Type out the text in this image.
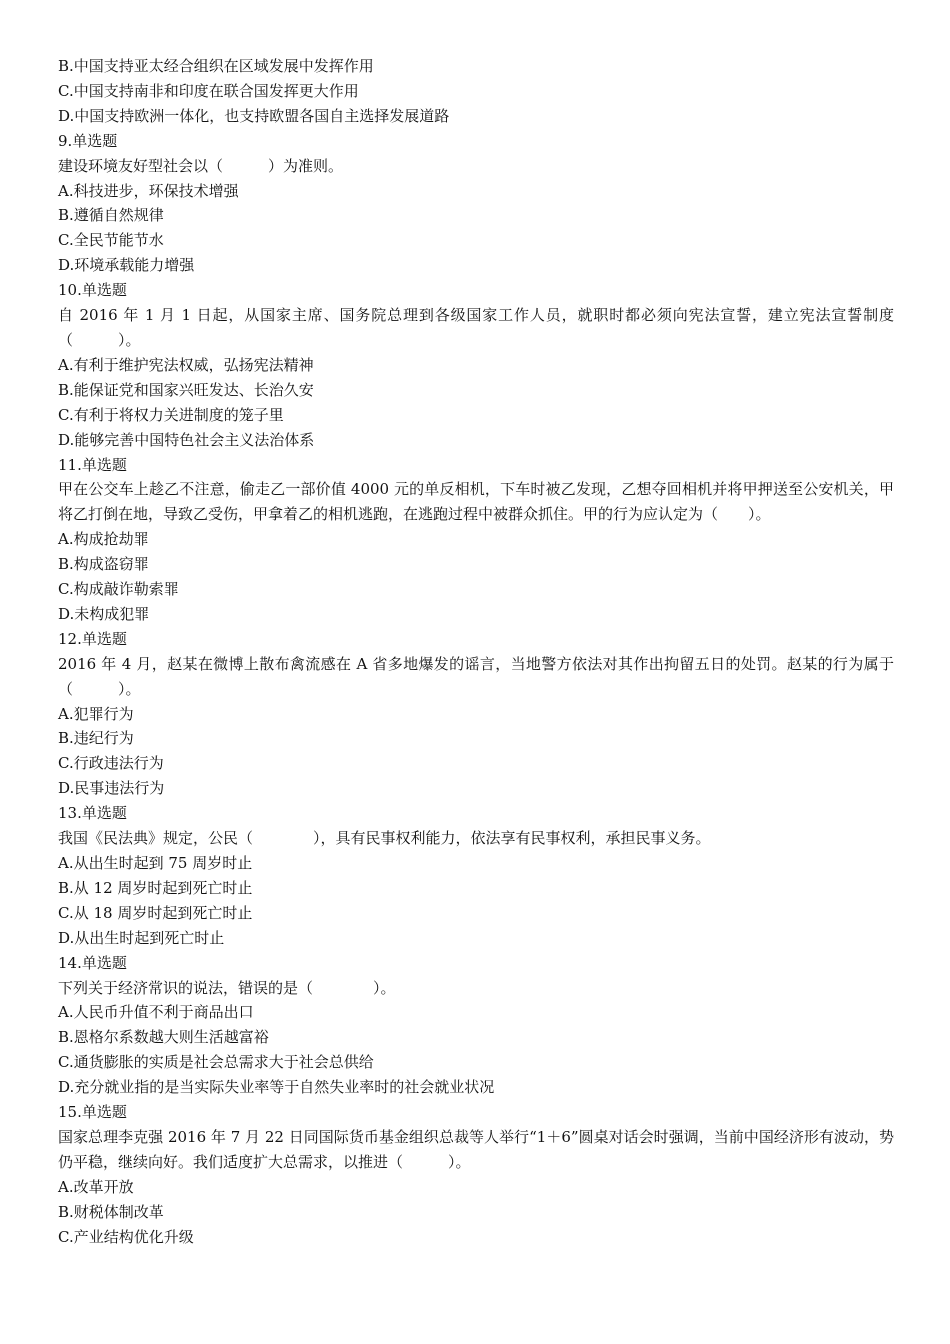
B.中国支持亚太经合组织在区域发展中发挥作用

C.中国支持南非和印度在联合国发挥更大作用

D.中国支持欧洲一体化，也支持欧盟各国自主选择发展道路

9.单选题

建设环境友好型社会以（　　　）为准则。

A.科技进步，环保技术增强

B.遵循自然规律

C.全民节能节水

D.环境承载能力增强

10.单选题

自 2016 年 1 月 1 日起，从国家主席、国务院总理到各级国家工作人员，就职时都必须向宪法宣誓，建立宪法宣誓制度（　　　）。

A.有利于维护宪法权威，弘扬宪法精神

B.能保证党和国家兴旺发达、长治久安

C.有利于将权力关进制度的笼子里

D.能够完善中国特色社会主义法治体系

11.单选题

甲在公交车上趁乙不注意，偷走乙一部价值 4000 元的单反相机，下车时被乙发现，乙想夺回相机并将甲押送至公安机关，甲将乙打倒在地，导致乙受伤，甲拿着乙的相机逃跑，在逃跑过程中被群众抓住。甲的行为应认定为（　　）。

A.构成抢劫罪

B.构成盗窃罪

C.构成敲诈勒索罪

D.未构成犯罪

12.单选题

2016 年 4 月，赵某在微博上散布禽流感在 A 省多地爆发的谣言，当地警方依法对其作出拘留五日的处罚。赵某的行为属于（　　　）。

A.犯罪行为

B.违纪行为

C.行政违法行为

D.民事违法行为

13.单选题

我国《民法典》规定，公民（　　　　），具有民事权利能力，依法享有民事权利，承担民事义务。

A.从出生时起到 75 周岁时止

B.从 12 周岁时起到死亡时止

C.从 18 周岁时起到死亡时止

D.从出生时起到死亡时止

14.单选题

下列关于经济常识的说法，错误的是（　　　　）。

A.人民币升值不利于商品出口

B.恩格尔系数越大则生活越富裕

C.通货膨胀的实质是社会总需求大于社会总供给

D.充分就业指的是当实际失业率等于自然失业率时的社会就业状况

15.单选题

国家总理李克强 2016 年 7 月 22 日同国际货币基金组织总裁等人举行“1＋6”圆桌对话会时强调，当前中国经济形有波动，势仍平稳，继续向好。我们适度扩大总需求，以推进（　　　）。

A.改革开放

B.财税体制改革

C.产业结构优化升级
